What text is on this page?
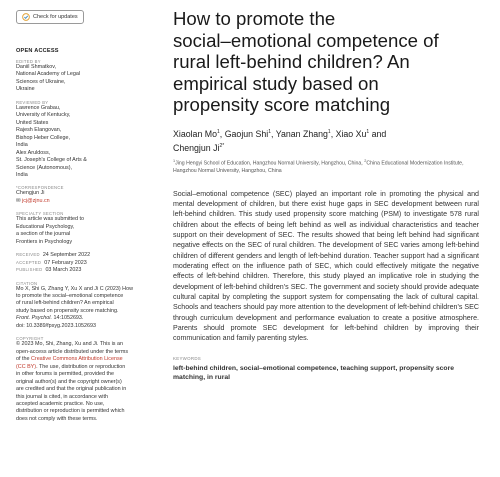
Check for updates
OPEN ACCESS
EDITED BY
Daniil Shmatkov,
National Academy of Legal
Sciences of Ukraine,
Ukraine
REVIEWED BY
Lawrence Grabau,
University of Kentucky,
United States
Rajesh Elangovan,
Bishop Heber College,
India
Alex Aruldoss,
St. Joseph's College of Arts &
Science (Autonomous),
India
*CORRESPONDENCE
Chengjun Ji
✉ jcj@zjnu.cn
SPECIALTY SECTION
This article was submitted to
Educational Psychology,
a section of the journal
Frontiers in Psychology
RECEIVED 24 September 2022
ACCEPTED 07 February 2023
PUBLISHED 03 March 2023
CITATION
Mo X, Shi G, Zhang Y, Xu X and Ji C (2023) How
to promote the social–emotional competence
of rural left-behind children? An empirical
study based on propensity score matching.
Front. Psychol. 14:1052693.
doi: 10.3389/fpsyg.2023.1052693
COPYRIGHT
© 2023 Mo, Shi, Zhang, Xu and Ji. This is an
open-access article distributed under the terms
of the Creative Commons Attribution License
(CC BY). The use, distribution or reproduction
in other forums is permitted, provided the
original author(s) and the copyright owner(s)
are credited and that the original publication in
this journal is cited, in accordance with
accepted academic practice. No use,
distribution or reproduction is permitted which
does not comply with these terms.
How to promote the
social–emotional competence of
rural left-behind children? An
empirical study based on
propensity score matching
Xiaolan Mo$^1$, Gaojun Shi$^1$, Yanan Zhang$^1$, Xiao Xu$^1$ and
Chengjun $Ji^{2*}$
$^1$Jing Hengyi School of Education, Hangzhou Normal University, Hangzhou, China, $^2$China Educational Modernization Institute, Hangzhou Normal University, Hangzhou, China
Social–emotional competence (SEC) played an important role in promoting the physical and mental development of children, but there exist huge gaps in SEC development between rural left-behind children. This study used propensity score matching (PSM) to investigate 578 rural children about the effects of being left behind as well as individual characteristics and teacher support on their development of SEC. The results showed that being left behind had significant negative effects on the SEC of rural children. The development of SEC varies among left-behind children of different genders and length of left-behind duration. Teacher support had a significant moderating effect on the influence path of SEC, which could effectively mitigate the negative effects of left-behind children. Therefore, this study played an implicative role in studying the development of left-behind children's SEC. The government and society should provide adequate cultural capital by completing the support system for compensating the lack of cultural capital. Schools and teachers should pay more attention to the development of left-behind children's SEC through curriculum development and performance evaluation to create a positive atmosphere. Parents should promote SEC development for left-behind children by improving their communication and family parenting styles.
KEYWORDS
left-behind children, social–emotional competence, teaching support, propensity score matching, in rural
